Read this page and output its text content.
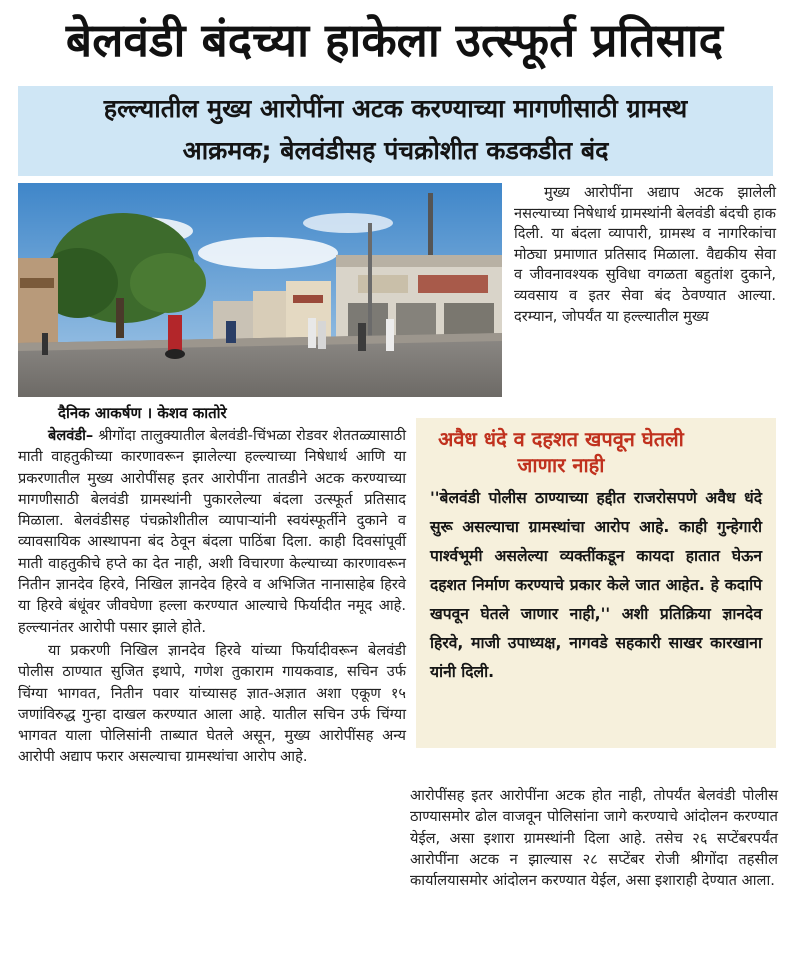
बेलवंडी बंदच्या हाकेला उत्स्फूर्त प्रतिसाद
हल्ल्यातील मुख्य आरोपींना अटक करण्याच्या मागणीसाठी ग्रामस्थ
आक्रमक; बेलवंडीसह पंचक्रोशीत कडकडीत बंद

मुख्य आरोपींना अद्याप अटक झालेली नसल्याच्या निषेधार्थ ग्रामस्थांनी बेलवंडी बंदची हाक दिली. या बंदला व्यापारी, ग्रामस्थ व नागरिकांचा मोठ्या प्रमाणात प्रतिसाद मिळाला. वैद्यकीय सेवा व जीवनावश्यक सुविधा वगळता बहुतांश दुकाने, व्यवसाय व इतर सेवा बंद ठेवण्यात आल्या. दरम्यान, जोपर्यंत या हल्ल्यातील मुख्य

दैनिक आकर्षण । केशव कातोरे

बेलवंडी– श्रीगोंदा तालुक्यातील बेलवंडी-चिंभळा रोडवर शेततळ्यासाठी माती वाहतुकीच्या कारणावरून झालेल्या हल्ल्याच्या निषेधार्थ आणि या प्रकरणातील मुख्य आरोपींसह इतर आरोपींना तातडीने अटक करण्याच्या मागणीसाठी बेलवंडी ग्रामस्थांनी पुकारलेल्या बंदला उत्स्फूर्त प्रतिसाद मिळाला. बेलवंडीसह पंचक्रोशीतील व्यापाऱ्यांनी स्वयंस्फूर्तीने दुकाने व व्यावसायिक आस्थापना बंद ठेवून बंदला पाठिंबा दिला. काही दिवसांपूर्वी माती वाहतुकीचे हप्ते का देत नाही, अशी विचारणा केल्याच्या कारणावरून नितीन ज्ञानदेव हिरवे, निखिल ज्ञानदेव हिरवे व अभिजित नानासाहेब हिरवे या हिरवे बंधूंवर जीवघेणा हल्ला करण्यात आल्याचे फिर्यादीत नमूद आहे. हल्ल्यानंतर आरोपी पसार झाले होते.

या प्रकरणी निखिल ज्ञानदेव हिरवे यांच्या फिर्यादीवरून बेलवंडी पोलीस ठाण्यात सुजित इथापे, गणेश तुकाराम गायकवाड, सचिन उर्फ चिंग्या भागवत, नितीन पवार यांच्यासह ज्ञात-अज्ञात अशा एकूण १५ जणांविरुद्ध गुन्हा दाखल करण्यात आला आहे. यातील सचिन उर्फ चिंग्या भागवत याला पोलिसांनी ताब्यात घेतले असून, मुख्य आरोपींसह अन्य आरोपी अद्याप फरार असल्याचा ग्रामस्थांचा आरोप आहे.

अवैध धंदे व दहशत खपवून घेतली जाणार नाही
''बेलवंडी पोलीस ठाण्याच्या हद्दीत राजरोसपणे अवैध धंदे सुरू असल्याचा ग्रामस्थांचा आरोप आहे. काही गुन्हेगारी पार्श्वभूमी असलेल्या व्यक्तींकडून कायदा हातात घेऊन दहशत निर्माण करण्याचे प्रकार केले जात आहेत. हे कदापि खपवून घेतले जाणार नाही,'' अशी प्रतिक्रिया ज्ञानदेव हिरवे, माजी उपाध्यक्ष, नागवडे सहकारी साखर कारखाना यांनी दिली.

आरोपींसह इतर आरोपींना अटक होत नाही, तोपर्यंत बेलवंडी पोलीस ठाण्यासमोर ढोल वाजवून पोलिसांना जागे करण्याचे आंदोलन करण्यात येईल, असा इशारा ग्रामस्थांनी दिला आहे. तसेच २६ सप्टेंबरपर्यंत आरोपींना अटक न झाल्यास २८ सप्टेंबर रोजी श्रीगोंदा तहसील कार्यालयासमोर आंदोलन करण्यात येईल, असा इशाराही देण्यात आला.
